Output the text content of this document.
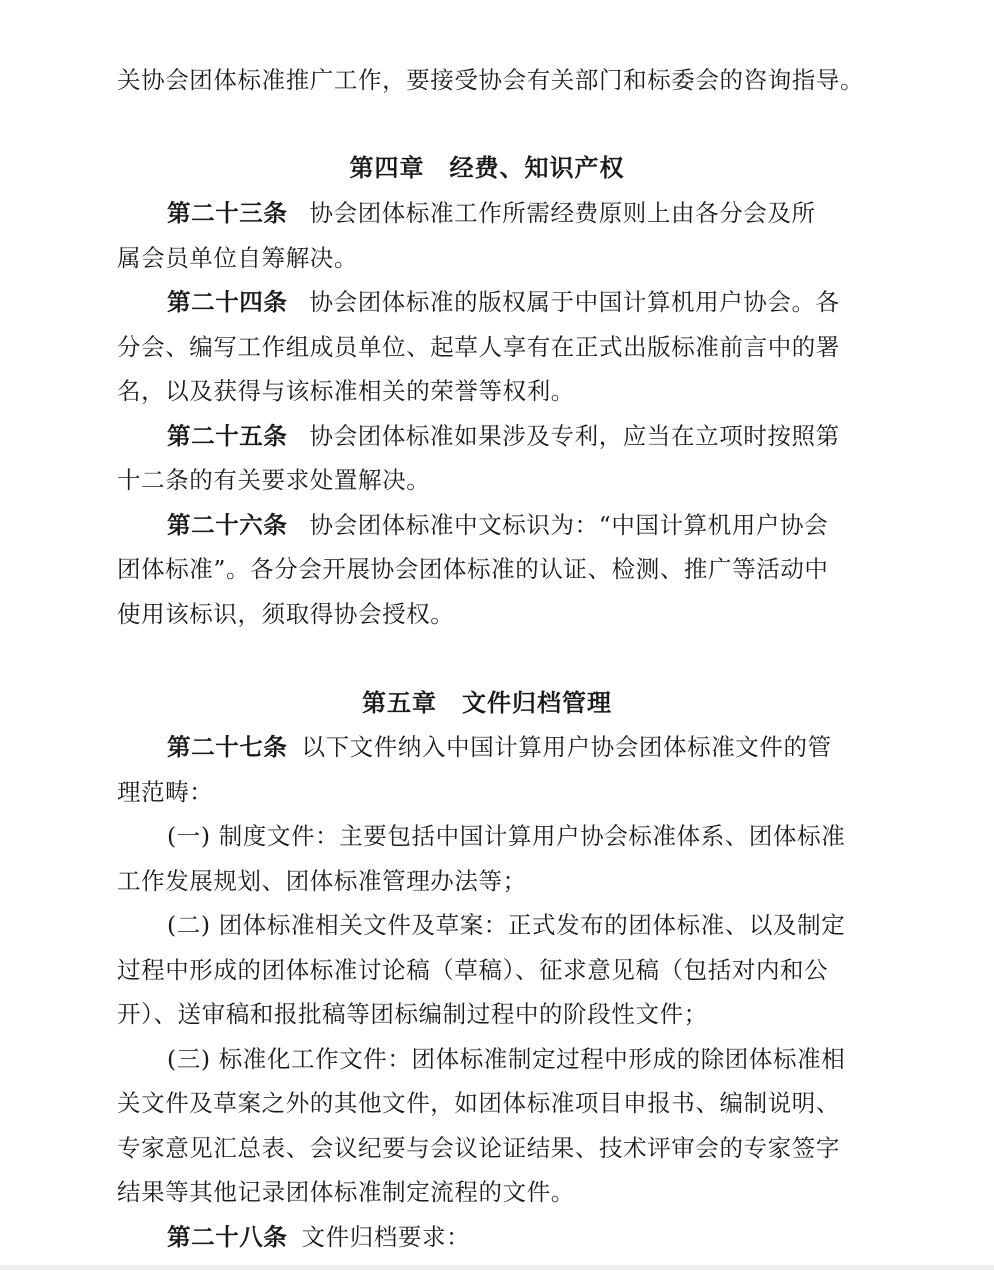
关协会团体标准推广工作，要接受协会有关部门和标委会的咨询指导。
第四章　经费、知识产权
第二十三条 协会团体标准工作所需经费原则上由各分会及所
属会员单位自筹解决。
第二十四条 协会团体标准的版权属于中国计算机用户协会。各
分会、编写工作组成员单位、起草人享有在正式出版标准前言中的署
名，以及获得与该标准相关的荣誉等权利。
第二十五条 协会团体标准如果涉及专利，应当在立项时按照第
十二条的有关要求处置解决。
第二十六条 协会团体标准中文标识为：“中国计算机用户协会
团体标准”。各分会开展协会团体标准的认证、检测、推广等活动中
使用该标识，须取得协会授权。
第五章　文件归档管理
第二十七条 以下文件纳入中国计算用户协会团体标准文件的管
理范畴：
(一) 制度文件：主要包括中国计算用户协会标准体系、团体标准
工作发展规划、团体标准管理办法等；
(二) 团体标准相关文件及草案：正式发布的团体标准、以及制定
过程中形成的团体标准讨论稿（草稿）、征求意见稿（包括对内和公
开）、送审稿和报批稿等团标编制过程中的阶段性文件；
(三) 标准化工作文件：团体标准制定过程中形成的除团体标准相
关文件及草案之外的其他文件，如团体标准项目申报书、编制说明、
专家意见汇总表、会议纪要与会议论证结果、技术评审会的专家签字
结果等其他记录团体标准制定流程的文件。
第二十八条 文件归档要求：
